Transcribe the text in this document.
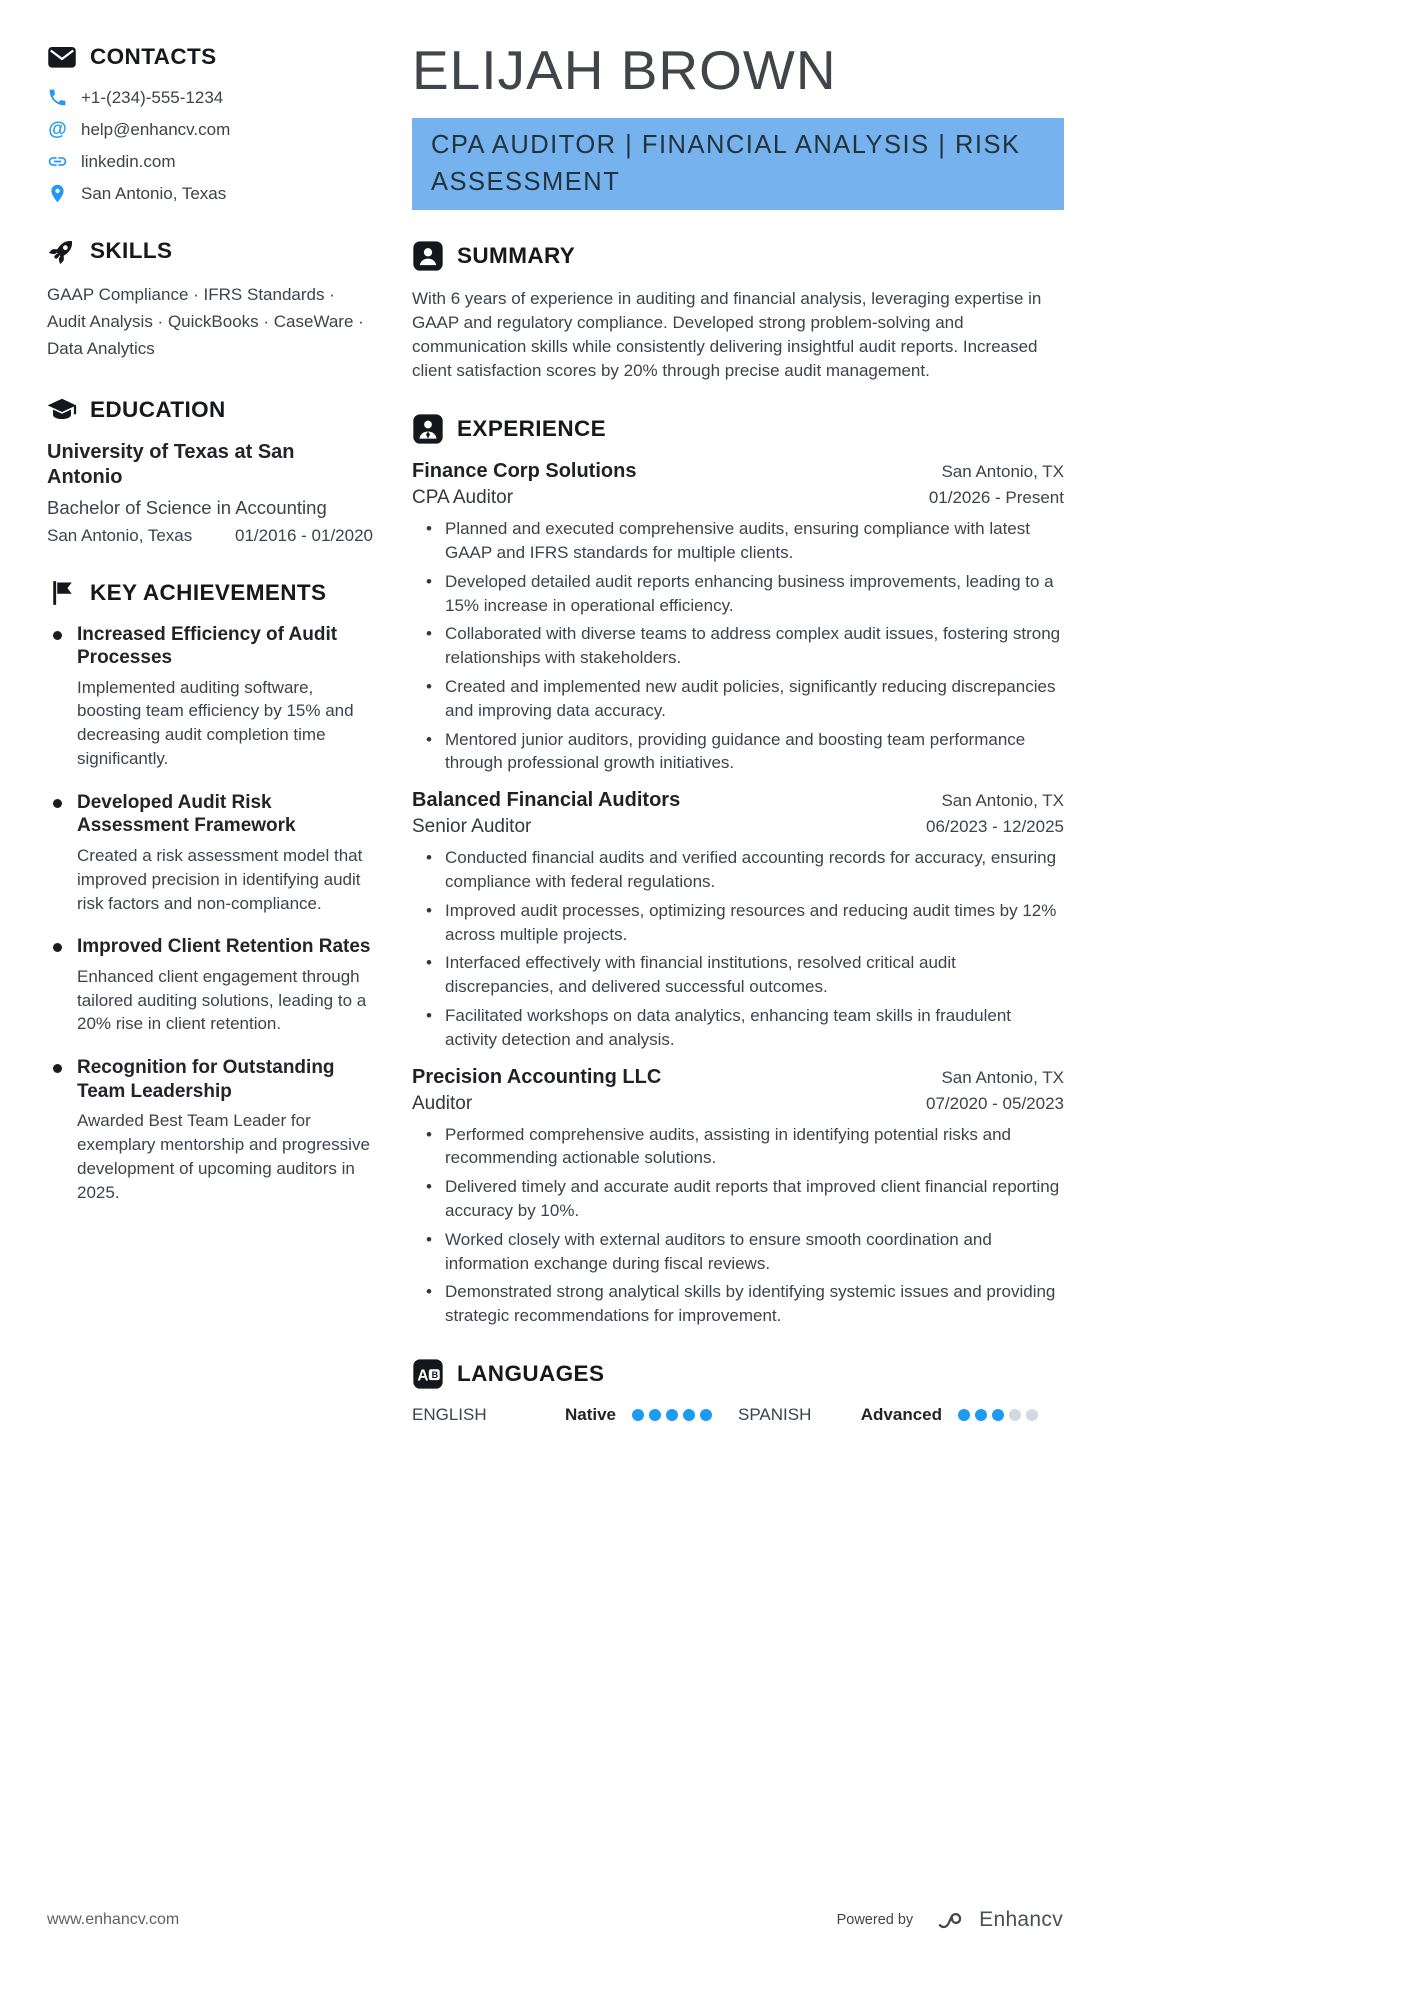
CONTACTS
+1-(234)-555-1234
@ help@enhancv.com
linkedin.com
San Antonio, Texas
SKILLS

GAAP Compliance · IFRS Standards · Audit Analysis · QuickBooks · CaseWare · Data Analytics

EDUCATION
University of Texas at San Antonio

Bachelor of Science in Accounting

San Antonio, Texas	01/2016 - 01/2020
KEY ACHIEVEMENTS
Increased Efficiency of Audit Processes

Implemented auditing software, boosting team efficiency by 15% and decreasing audit completion time significantly.

Developed Audit Risk Assessment Framework

Created a risk assessment model that improved precision in identifying audit risk factors and non-compliance.

Improved Client Retention Rates

Enhanced client engagement through tailored auditing solutions, leading to a 20% rise in client retention.

Recognition for Outstanding Team Leadership

Awarded Best Team Leader for exemplary mentorship and progressive development of upcoming auditors in 2025.

ELIJAH BROWN
CPA AUDITOR | FINANCIAL ANALYSIS | RISK ASSESSMENT
SUMMARY

With 6 years of experience in auditing and financial analysis, leveraging expertise in GAAP and regulatory compliance. Developed strong problem-solving and communication skills while consistently delivering insightful audit reports. Increased client satisfaction scores by 20% through precise audit management.

EXPERIENCE
Finance Corp Solutions	San Antonio, TX
CPA Auditor	01/2026 - Present
• Planned and executed comprehensive audits, ensuring compliance with latest GAAP and IFRS standards for multiple clients.
• Developed detailed audit reports enhancing business improvements, leading to a 15% increase in operational efficiency.
• Collaborated with diverse teams to address complex audit issues, fostering strong relationships with stakeholders.
• Created and implemented new audit policies, significantly reducing discrepancies and improving data accuracy.
• Mentored junior auditors, providing guidance and boosting team performance through professional growth initiatives.
Balanced Financial Auditors	San Antonio, TX
Senior Auditor	06/2023 - 12/2025
• Conducted financial audits and verified accounting records for accuracy, ensuring compliance with federal regulations.
• Improved audit processes, optimizing resources and reducing audit times by 12% across multiple projects.
• Interfaced effectively with financial institutions, resolved critical audit discrepancies, and delivered successful outcomes.
• Facilitated workshops on data analytics, enhancing team skills in fraudulent activity detection and analysis.
Precision Accounting LLC	San Antonio, TX
Auditor	07/2020 - 05/2023
• Performed comprehensive audits, assisting in identifying potential risks and recommending actionable solutions.
• Delivered timely and accurate audit reports that improved client financial reporting accuracy by 10%.
• Worked closely with external auditors to ensure smooth coordination and information exchange during fiscal reviews.
• Demonstrated strong analytical skills by identifying systemic issues and providing strategic recommendations for improvement.
A B LANGUAGES
ENGLISH	Native	SPANISH	Advanced
www.enhancv.com	Powered by	Enhancv
